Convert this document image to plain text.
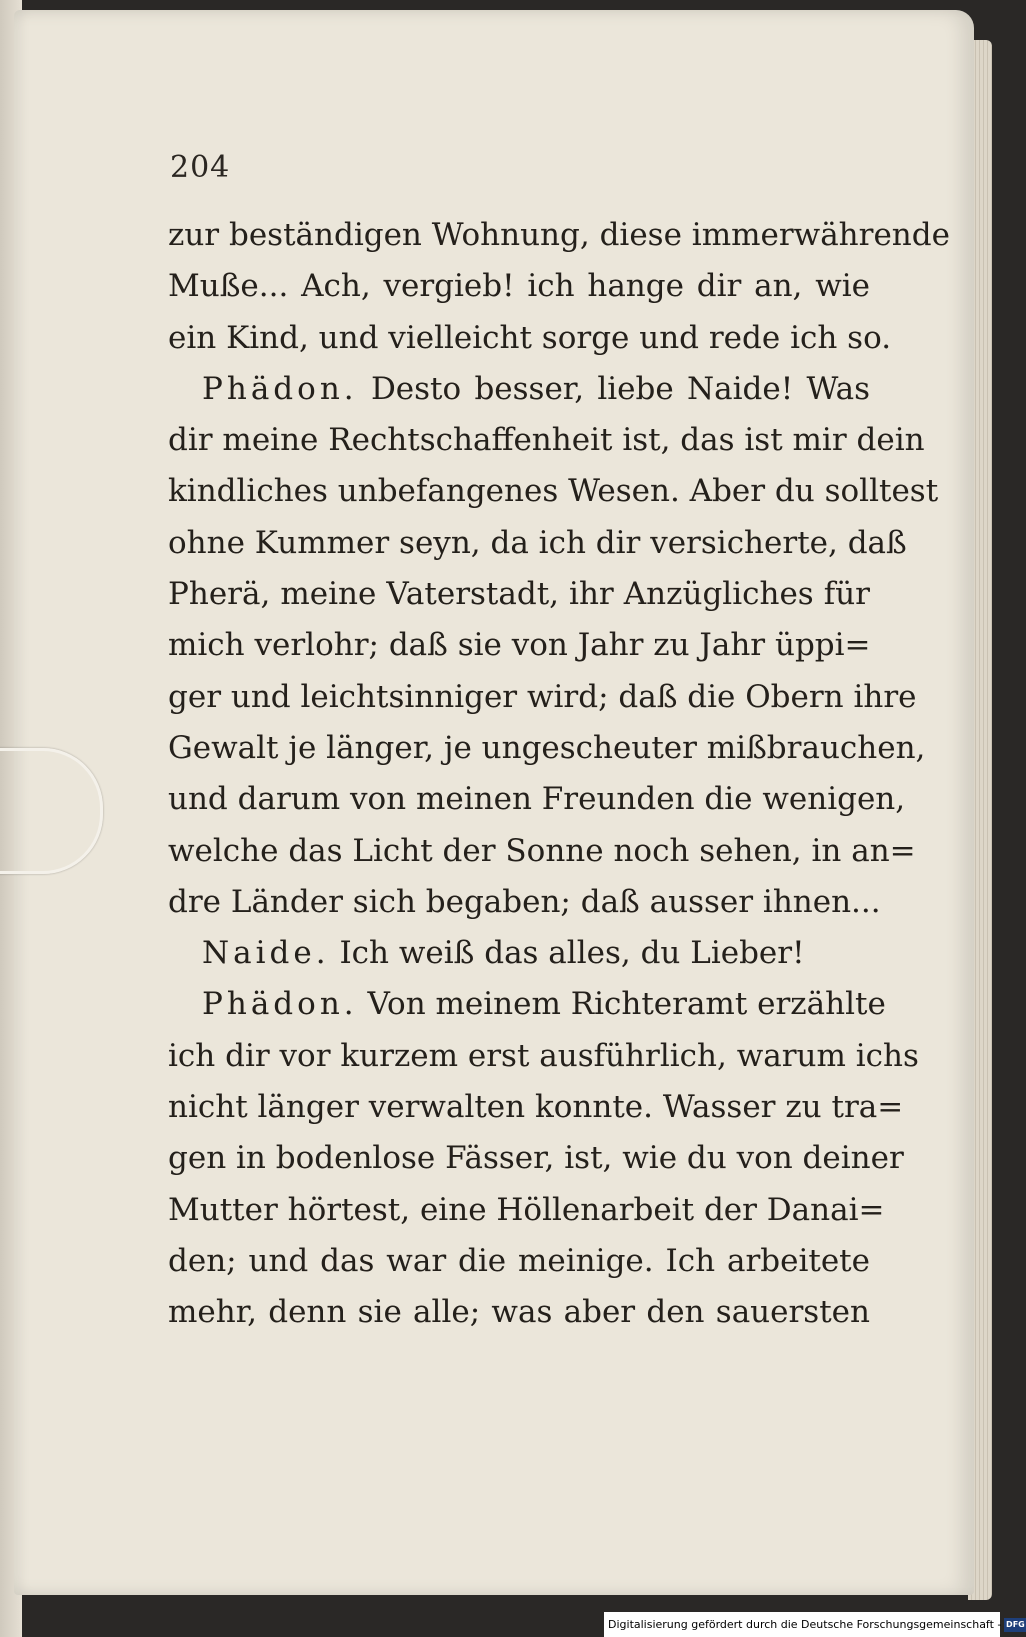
204
zur beständigen Wohnung, diese immerwährende
Muße... Ach, vergieb! ich hange dir an, wie
ein Kind, und vielleicht sorge und rede ich so.
Phädon. Desto besser, liebe Naide! Was
dir meine Rechtschaffenheit ist, das ist mir dein
kindliches unbefangenes Wesen. Aber du solltest
ohne Kummer seyn, da ich dir versicherte, daß
Pherä, meine Vaterstadt, ihr Anzügliches für
mich verlohr; daß sie von Jahr zu Jahr üppi=
ger und leichtsinniger wird; daß die Obern ihre
Gewalt je länger, je ungescheuter mißbrauchen,
und darum von meinen Freunden die wenigen,
welche das Licht der Sonne noch sehen, in an=
dre Länder sich begaben; daß ausser ihnen...
Naide. Ich weiß das alles, du Lieber!
Phädon. Von meinem Richteramt erzählte
ich dir vor kurzem erst ausführlich, warum ichs
nicht länger verwalten konnte. Wasser zu tra=
gen in bodenlose Fässer, ist, wie du von deiner
Mutter hörtest, eine Höllenarbeit der Danai=
den; und das war die meinige. Ich arbeitete
mehr, denn sie alle; was aber den sauersten
Digitalisierung gefördert durch die Deutsche Forschungsgemeinschaft - DFG
